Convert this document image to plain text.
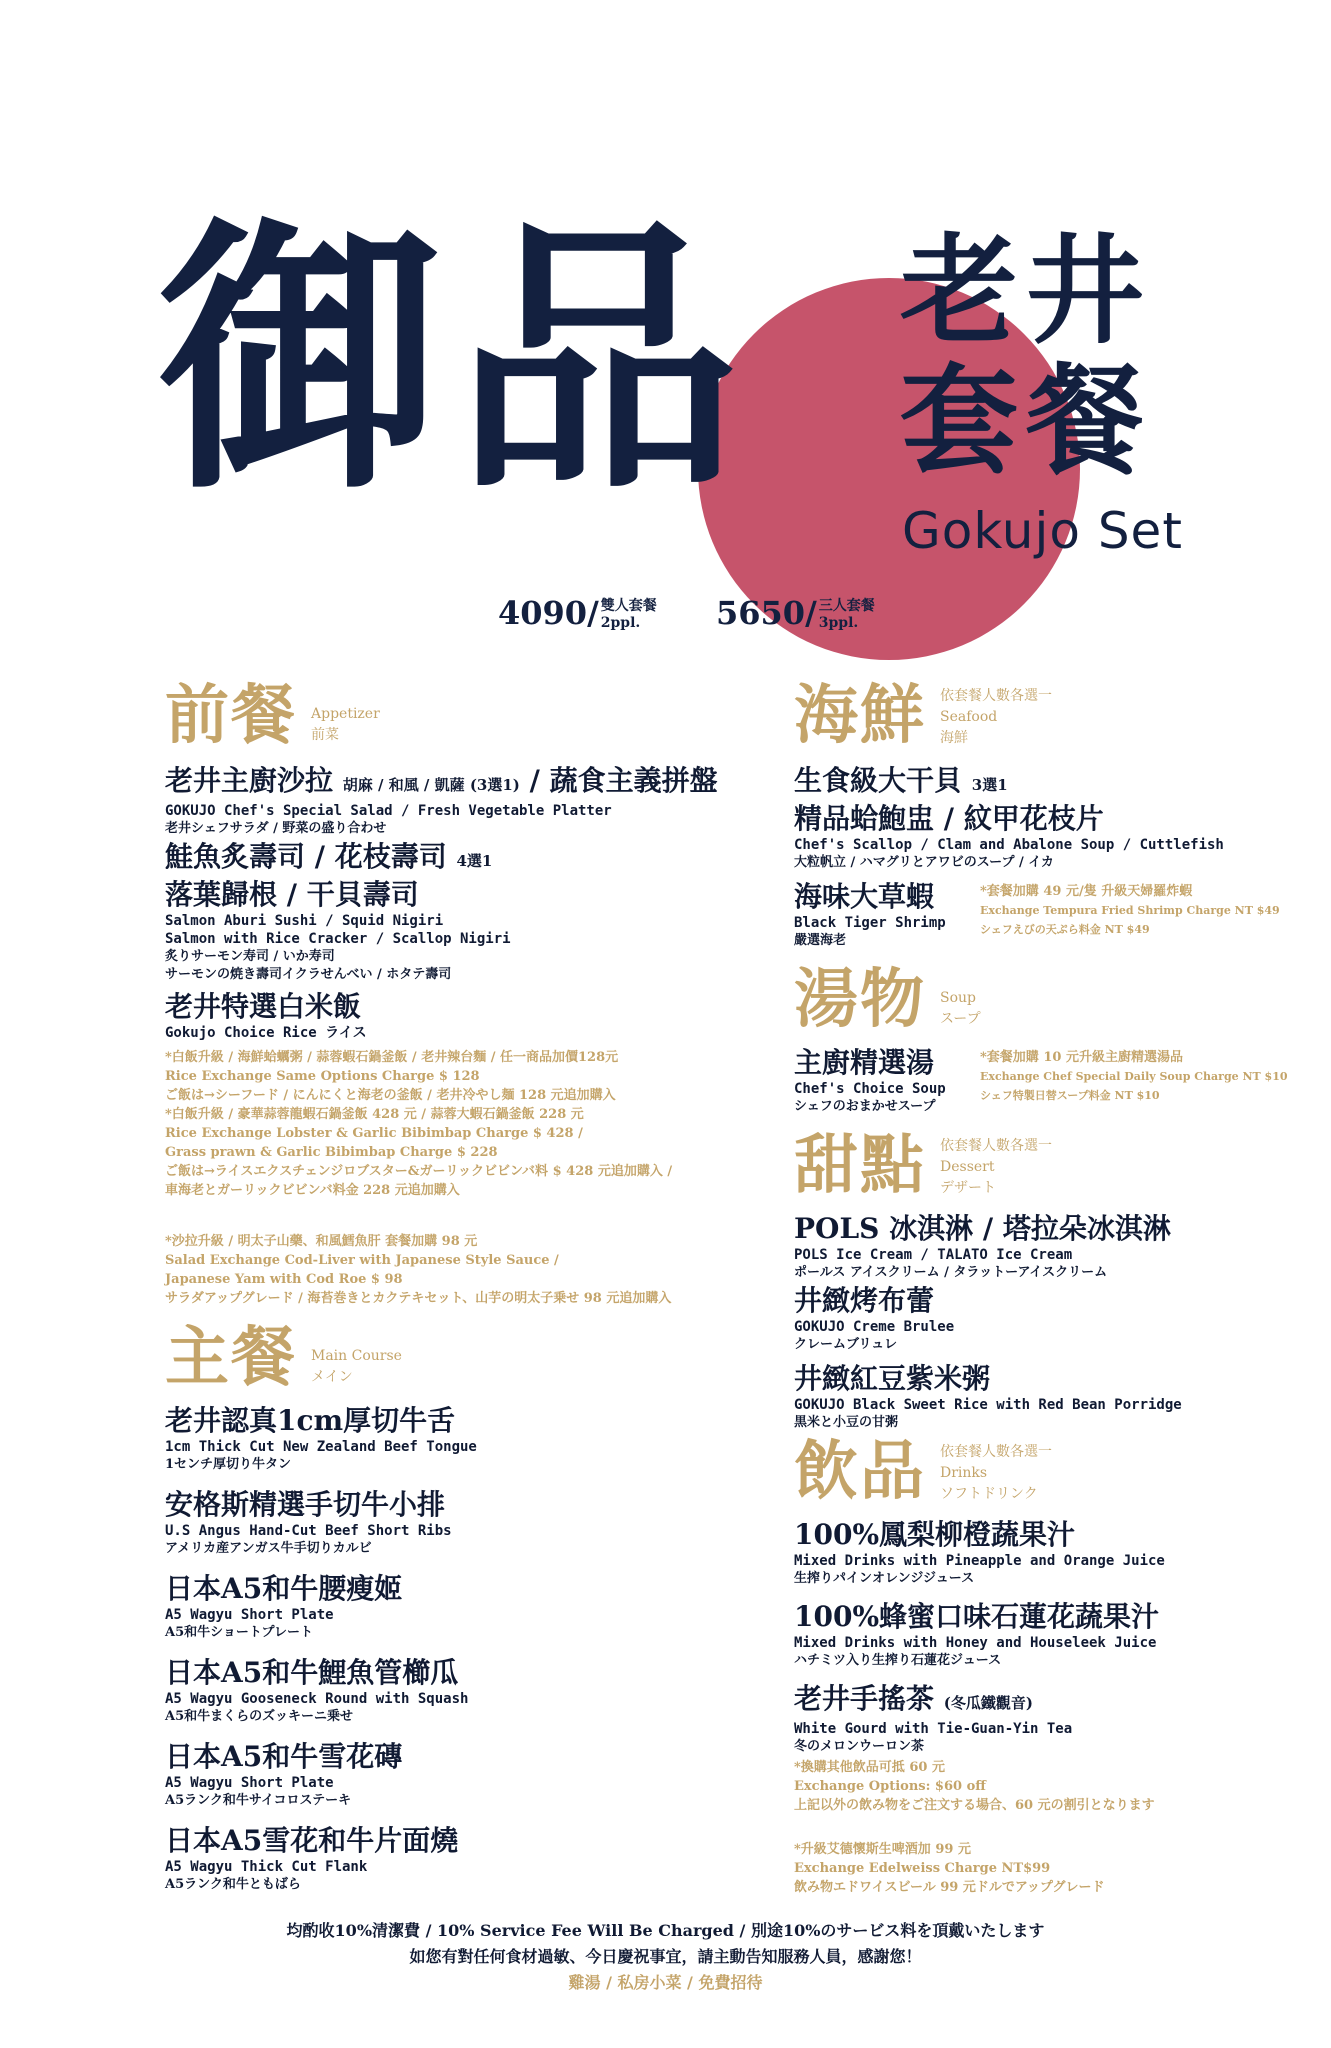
御品 老井
套餐
Gokujo Set
4090/ 雙人套餐
2ppl.	5650/ 三人套餐
3ppl.
前餐 Appetizer
前菜
老井主廚沙拉 胡麻 / 和風 / 凱薩 (3選1) / 蔬食主義拼盤
GOKUJO Chef's Special Salad / Fresh Vegetable Platter
老井シェフサラダ / 野菜の盛り合わせ
鮭魚炙壽司 / 花枝壽司 4選1
落葉歸根 / 干貝壽司
Salmon Aburi Sushi / Squid Nigiri
Salmon with Rice Cracker / Scallop Nigiri
炙りサーモン寿司 / いか寿司
サーモンの焼き壽司イクラせんべい / ホタテ壽司
老井特選白米飯
Gokujo Choice Rice ライス
*白飯升級 / 海鮮蛤蠣粥 / 蒜蓉蝦石鍋釜飯 / 老井辣台麵 / 任一商品加價128元
Rice Exchange Same Options Charge $ 128
ご飯は→シーフード / にんにくと海老の釜飯 / 老井冷やし麺 128 元追加購入
*白飯升級 / 豪華蒜蓉龍蝦石鍋釜飯 428 元 / 蒜蓉大蝦石鍋釜飯 228 元
Rice Exchange Lobster & Garlic Bibimbap Charge $ 428 /
Grass prawn & Garlic Bibimbap Charge $ 228
ご飯は→ライスエクスチェンジロブスター&ガーリックビビンバ料 $ 428 元追加購入 /
車海老とガーリックビビンバ料金 228 元追加購入
*沙拉升級 / 明太子山藥、和風鱈魚肝 套餐加購 98 元
Salad Exchange Cod-Liver with Japanese Style Sauce /
Japanese Yam with Cod Roe $ 98
サラダアップグレード / 海苔巻きとカクテキセット、山芋の明太子乗せ 98 元追加購入
主餐 Main Course
メイン
老井認真1cm厚切牛舌
1cm Thick Cut New Zealand Beef Tongue
1センチ厚切り牛タン
安格斯精選手切牛小排
U.S Angus Hand-Cut Beef Short Ribs
アメリカ産アンガス牛手切りカルビ
日本A5和牛腰瘦姬
A5 Wagyu Short Plate
A5和牛ショートプレート
日本A5和牛鯉魚管櫛瓜
A5 Wagyu Gooseneck Round with Squash
A5和牛まくらのズッキーニ乗せ
日本A5和牛雪花磚
A5 Wagyu Short Plate
A5ランク和牛サイコロステーキ
日本A5雪花和牛片面燒
A5 Wagyu Thick Cut Flank
A5ランク和牛ともばら
海鮮 依套餐人數各選一
Seafood
海鮮
生食級大干貝 3選1
精品蛤鮑盅 / 紋甲花枝片
Chef's Scallop / Clam and Abalone Soup / Cuttlefish
大粒帆立 / ハマグリとアワビのスープ / イカ
海味大草蝦
Black Tiger Shrimp
嚴選海老
*套餐加購 49 元/隻 升級天婦羅炸蝦
Exchange Tempura Fried Shrimp Charge NT $49
シェフえびの天ぷら料金 NT $49
湯物 Soup
スープ
主廚精選湯
Chef's Choice Soup
シェフのおまかせスープ
*套餐加購 10 元升級主廚精選湯品
Exchange Chef Special Daily Soup Charge NT $10
シェフ特製日替スープ料金 NT $10
甜點 依套餐人數各選一
Dessert
デザート
POLS 冰淇淋 / 塔拉朵冰淇淋
POLS Ice Cream / TALATO Ice Cream
ポールス アイスクリーム / タラットーアイスクリーム
井緻烤布蕾
GOKUJO Creme Brulee
クレームブリュレ
井緻紅豆紫米粥
GOKUJO Black Sweet Rice with Red Bean Porridge
黒米と小豆の甘粥
飲品 依套餐人數各選一
Drinks
ソフトドリンク
100%鳳梨柳橙蔬果汁
Mixed Drinks with Pineapple and Orange Juice
生搾りパインオレンジジュース
100%蜂蜜口味石蓮花蔬果汁
Mixed Drinks with Honey and Houseleek Juice
ハチミツ入り生搾り石蓮花ジュース
老井手搖茶 (冬瓜鐵觀音)
White Gourd with Tie-Guan-Yin Tea
冬のメロンウーロン茶
*換購其他飲品可抵 60 元
Exchange Options: $60 off
上記以外の飲み物をご注文する場合、60 元の割引となります
*升級艾德懷斯生啤酒加 99 元
Exchange Edelweiss Charge NT$99
飲み物エドワイスビール 99 元ドルでアップグレード
均酌收10%清潔費 / 10% Service Fee Will Be Charged / 別途10%のサービス料を頂戴いたします
如您有對任何食材過敏、今日慶祝事宜，請主動告知服務人員，感謝您！
雞湯 / 私房小菜 / 免費招待
